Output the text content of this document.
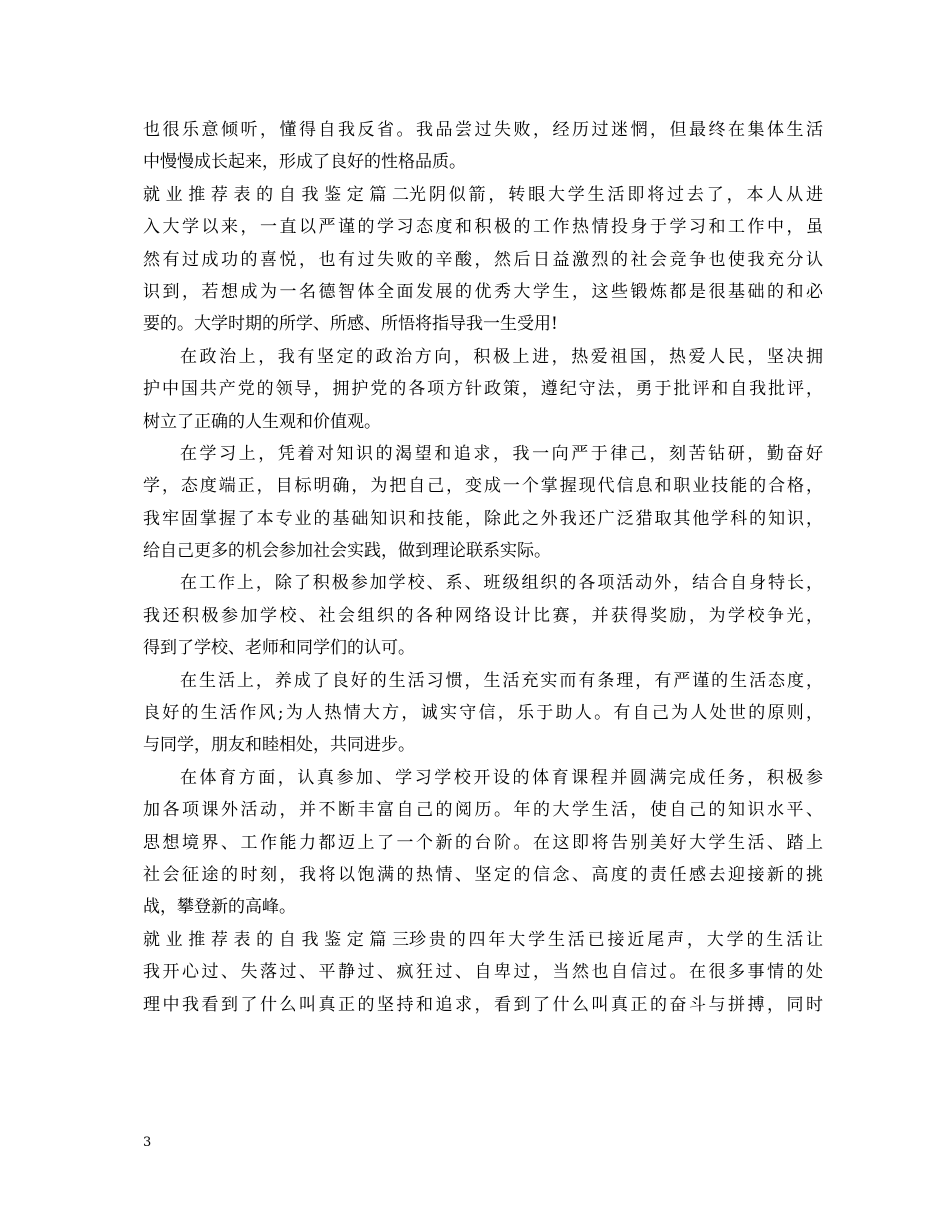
也很乐意倾听，懂得自我反省。我品尝过失败，经历过迷惘，但最终在集体生活
中慢慢成长起来，形成了良好的性格品质。
就业推荐表的自我鉴定篇二光阴似箭，转眼大学生活即将过去了，本人从进
入大学以来，一直以严谨的学习态度和积极的工作热情投身于学习和工作中，虽
然有过成功的喜悦，也有过失败的辛酸，然后日益激烈的社会竞争也使我充分认
识到，若想成为一名德智体全面发展的优秀大学生，这些锻炼都是很基础的和必
要的。大学时期的所学、所感、所悟将指导我一生受用!
在政治上，我有坚定的政治方向，积极上进，热爱祖国，热爱人民，坚决拥
护中国共产党的领导，拥护党的各项方针政策，遵纪守法，勇于批评和自我批评，
树立了正确的人生观和价值观。
在学习上，凭着对知识的渴望和追求，我一向严于律己，刻苦钻研，勤奋好
学，态度端正，目标明确，为把自己，变成一个掌握现代信息和职业技能的合格，
我牢固掌握了本专业的基础知识和技能，除此之外我还广泛猎取其他学科的知识，
给自己更多的机会参加社会实践，做到理论联系实际。
在工作上，除了积极参加学校、系、班级组织的各项活动外，结合自身特长，
我还积极参加学校、社会组织的各种网络设计比赛，并获得奖励，为学校争光，
得到了学校、老师和同学们的认可。
在生活上，养成了良好的生活习惯，生活充实而有条理，有严谨的生活态度，
良好的生活作风;为人热情大方，诚实守信，乐于助人。有自己为人处世的原则，
与同学，朋友和睦相处，共同进步。
在体育方面，认真参加、学习学校开设的体育课程并圆满完成任务，积极参
加各项课外活动，并不断丰富自己的阅历。年的大学生活，使自己的知识水平、
思想境界、工作能力都迈上了一个新的台阶。在这即将告别美好大学生活、踏上
社会征途的时刻，我将以饱满的热情、坚定的信念、高度的责任感去迎接新的挑
战，攀登新的高峰。
就业推荐表的自我鉴定篇三珍贵的四年大学生活已接近尾声，大学的生活让
我开心过、失落过、平静过、疯狂过、自卑过，当然也自信过。在很多事情的处
理中我看到了什么叫真正的坚持和追求，看到了什么叫真正的奋斗与拼搏，同时
3
